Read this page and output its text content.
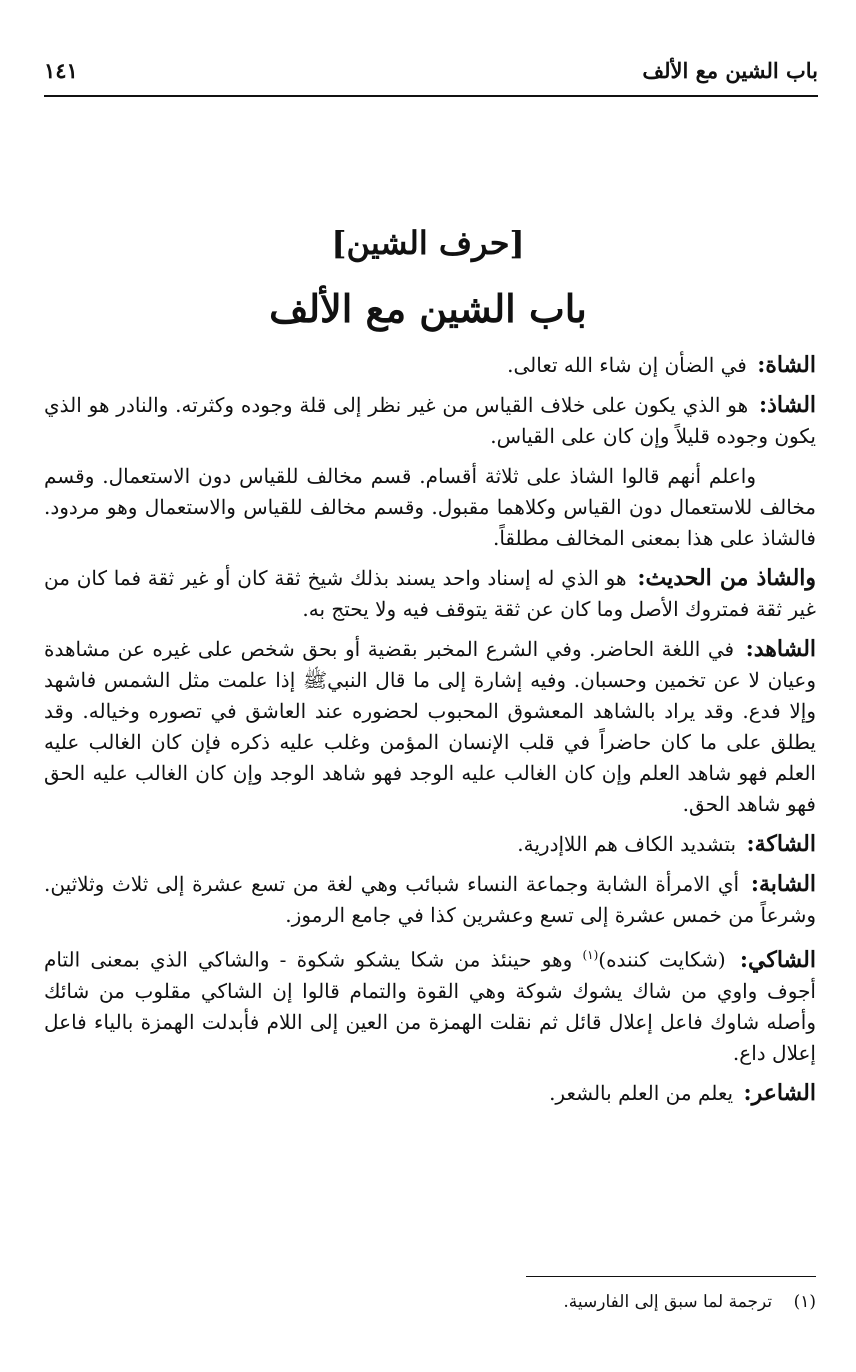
باب الشين مع الألف
١٤١
[حرف الشين]
باب الشين مع الألف

الشاة: في الضأن إن شاء الله تعالى.

الشاذ: هو الذي يكون على خلاف القياس من غير نظر إلى قلة وجوده وكثرته. والنادر هو الذي يكون وجوده قليلاً وإن كان على القياس.

واعلم أنهم قالوا الشاذ على ثلاثة أقسام. قسم مخالف للقياس دون الاستعمال. وقسم مخالف للاستعمال دون القياس وكلاهما مقبول. وقسم مخالف للقياس والاستعمال وهو مردود. فالشاذ على هذا بمعنى المخالف مطلقاً.

والشاذ من الحديث: هو الذي له إسناد واحد يسند بذلك شيخ ثقة كان أو غير ثقة فما كان من غير ثقة فمتروك الأصل وما كان عن ثقة يتوقف فيه ولا يحتج به.

الشاهد: في اللغة الحاضر. وفي الشرع المخبر بقضية أو بحق شخص على غيره عن مشاهدة وعيان لا عن تخمين وحسبان. وفيه إشارة إلى ما قال النبيﷺ إذا علمت مثل الشمس فاشهد وإلا فدع. وقد يراد بالشاهد المعشوق المحبوب لحضوره عند العاشق في تصوره وخياله. وقد يطلق على ما كان حاضراً في قلب الإنسان المؤمن وغلب عليه ذكره فإن كان الغالب عليه العلم فهو شاهد العلم وإن كان الغالب عليه الوجد فهو شاهد الوجد وإن كان الغالب عليه الحق فهو شاهد الحق.

الشاكة: بتشديد الكاف هم اللاإدرية.

الشابة: أي الامرأة الشابة وجماعة النساء شبائب وهي لغة من تسع عشرة إلى ثلاث وثلاثين. وشرعاً من خمس عشرة إلى تسع وعشرين كذا في جامع الرموز.

الشاكي: (شكايت كننده)$^{(١)}$ وهو حينئذ من شكا يشكو شكوة - والشاكي الذي بمعنى التام أجوف واوي من شاك يشوك شوكة وهي القوة والتمام قالوا إن الشاكي مقلوب من شائك وأصله شاوك فاعل إعلال قائل ثم نقلت الهمزة من العين إلى اللام فأبدلت الهمزة بالياء فاعل إعلال داع.

الشاعر: يعلم من العلم بالشعر.

(١) ترجمة لما سبق إلى الفارسية.
